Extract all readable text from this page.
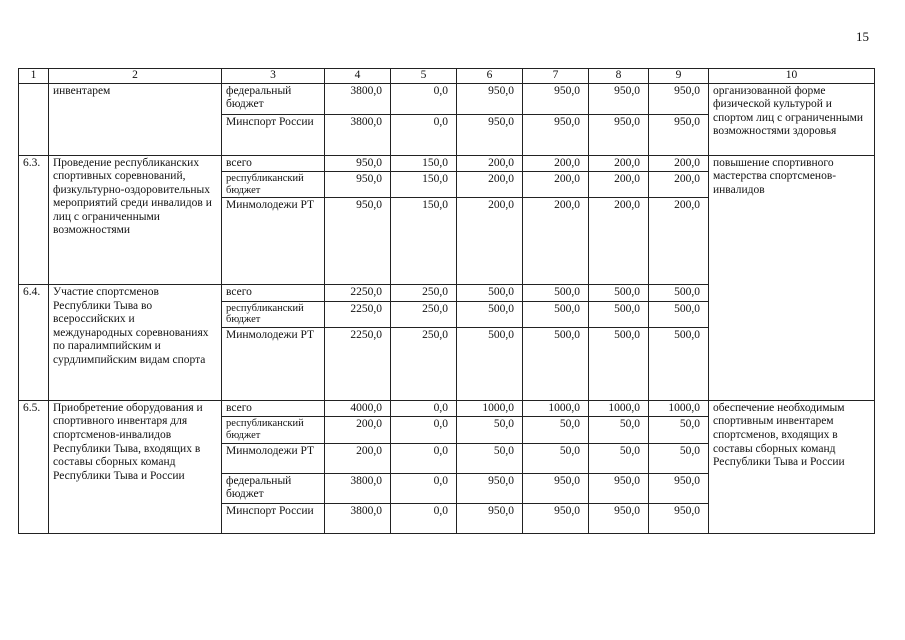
15
1	2	3	4	5	6	7	8	9	10
	инвентарем	федеральный бюджет	3800,0	0,0	950,0	950,0	950,0	950,0	организованной форме физической культурой и спортом лиц с ограниченными возможностями здоровья
		Минспорт России	3800,0	0,0	950,0	950,0	950,0	950,0	
6.3.	Проведение республиканских спортивных соревнований, физкультурно-оздоровительных мероприятий среди инвалидов и лиц с ограниченными возможностями	всего	950,0	150,0	200,0	200,0	200,0	200,0	повышение спортивного мастерства спортсменов-инвалидов
		республиканский бюджет	950,0	150,0	200,0	200,0	200,0	200,0	
		Минмолодежи РТ	950,0	150,0	200,0	200,0	200,0	200,0	
6.4.	Участие спортсменов Республики Тыва во всероссийских и международных соревнованиях по паралимпийским и сурдлимпийским видам спорта	всего	2250,0	250,0	500,0	500,0	500,0	500,0	
		республиканский бюджет	2250,0	250,0	500,0	500,0	500,0	500,0	
		Минмолодежи РТ	2250,0	250,0	500,0	500,0	500,0	500,0	
6.5.	Приобретение оборудования и спортивного инвентаря для спортсменов-инвалидов Республики Тыва, входящих в составы сборных команд Республики Тыва и России	всего	4000,0	0,0	1000,0	1000,0	1000,0	1000,0	обеспечение необходимым спортивным инвентарем спортсменов, входящих в составы сборных команд Республики Тыва и России
		республиканский бюджет	200,0	0,0	50,0	50,0	50,0	50,0	
		Минмолодежи РТ	200,0	0,0	50,0	50,0	50,0	50,0	
		федеральный бюджет	3800,0	0,0	950,0	950,0	950,0	950,0	
		Минспорт России	3800,0	0,0	950,0	950,0	950,0	950,0	
